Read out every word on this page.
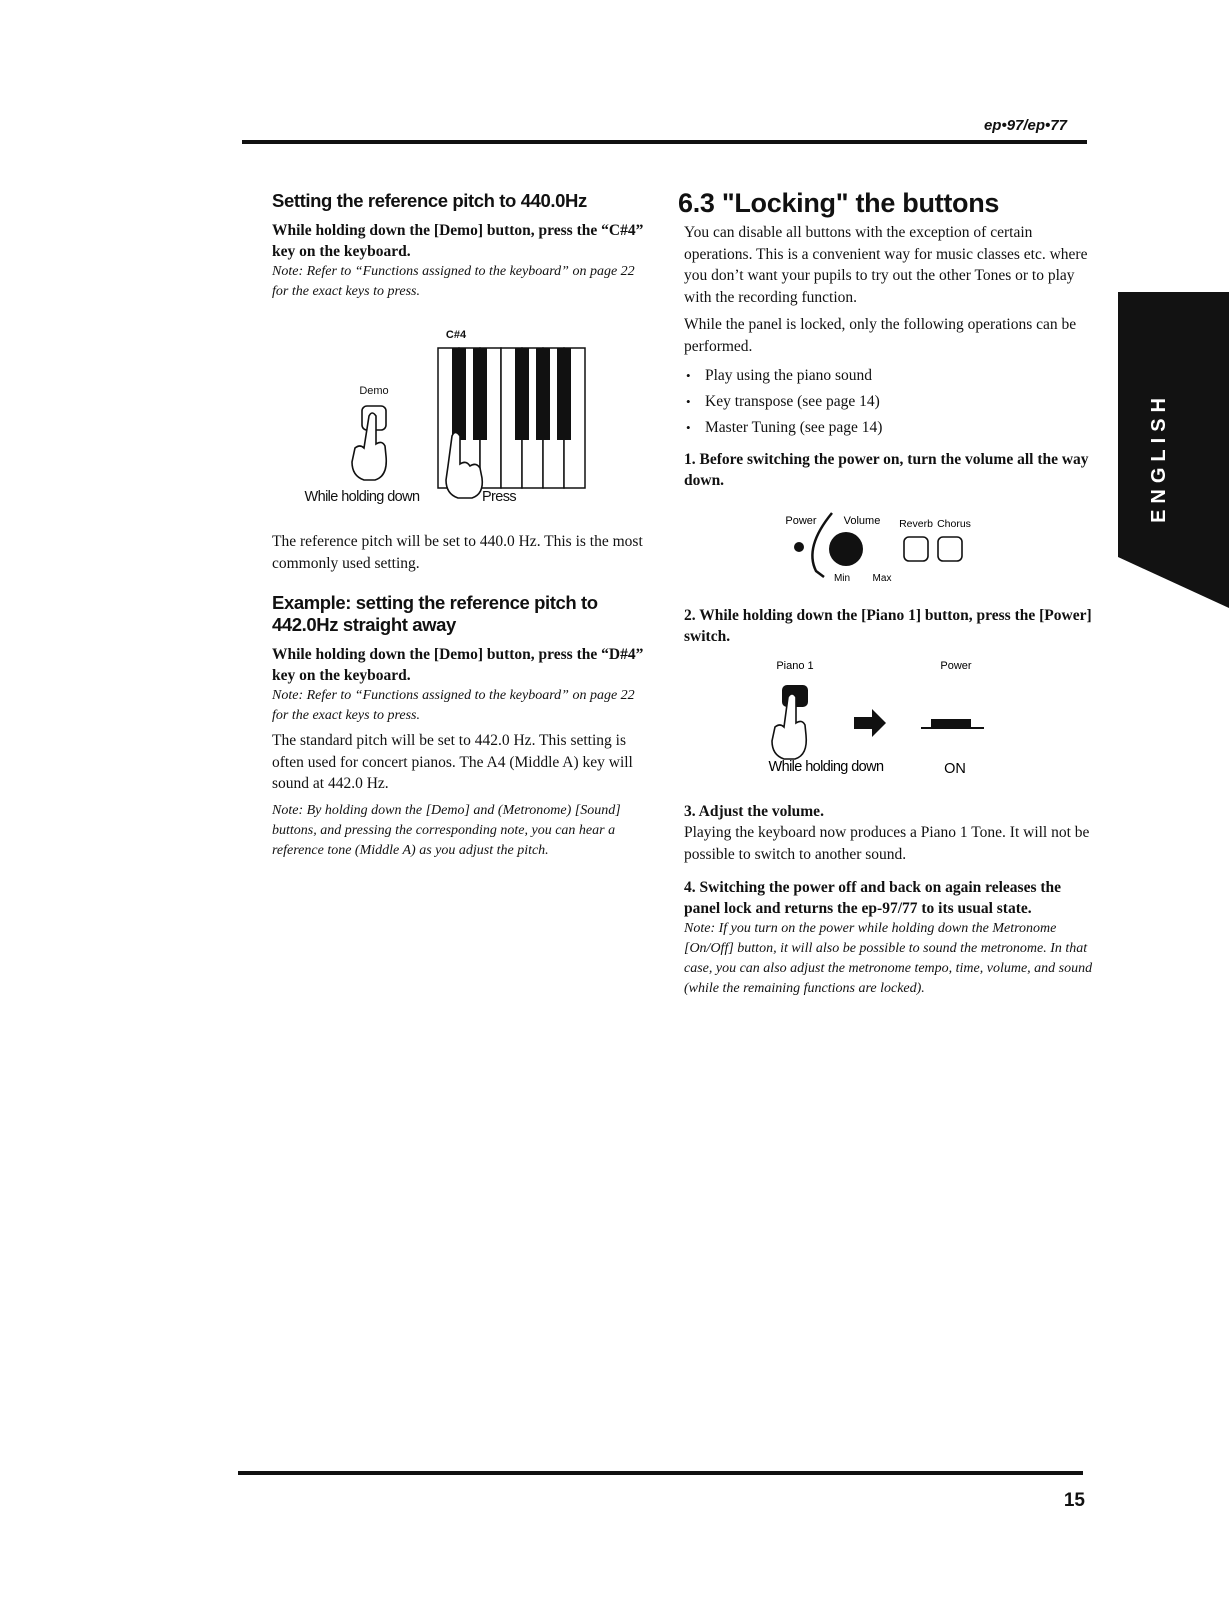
ep•97/ep•77
Setting the reference pitch to 440.0Hz

While holding down the [Demo] button, press the “C#4” key on the keyboard.

Note: Refer to “Functions assigned to the keyboard” on page 22 for the exact keys to press.

C#4
Demo
While holding down	Press

The reference pitch will be set to 440.0 Hz. This is the most commonly used setting.

Example: setting the reference pitch to 442.0Hz straight away

While holding down the [Demo] button, press the “D#4” key on the keyboard.

Note: Refer to “Functions assigned to the keyboard” on page 22 for the exact keys to press.

The standard pitch will be set to 442.0 Hz. This setting is often used for concert pianos. The A4 (Middle A) key will sound at 442.0 Hz.

Note: By holding down the [Demo] and (Metronome) [Sound] buttons, and pressing the corresponding note, you can hear a reference tone (Middle A) as you adjust the pitch.

6.3 "Locking" the buttons

You can disable all buttons with the exception of certain operations. This is a convenient way for music classes etc. where you don’t want your pupils to try out the other Tones or to play with the recording function.

While the panel is locked, only the following operations can be performed.

• Play using the piano sound
• Key transpose (see page 14)
• Master Tuning (see page 14)

1. Before switching the power on, turn the volume all the way down.

Power Volume Reverb Chorus
Min Max

2. While holding down the [Piano 1] button, press the [Power] switch.

Piano 1	Power
While holding down	ON

3. Adjust the volume.

Playing the keyboard now produces a Piano 1 Tone. It will not be possible to switch to another sound.

4. Switching the power off and back on again releases the panel lock and returns the ep-97/77 to its usual state.

Note: If you turn on the power while holding down the Metronome [On/Off] button, it will also be possible to sound the metronome. In that case, you can also adjust the metronome tempo, time, volume, and sound (while the remaining functions are locked).

ENGLISH
15
